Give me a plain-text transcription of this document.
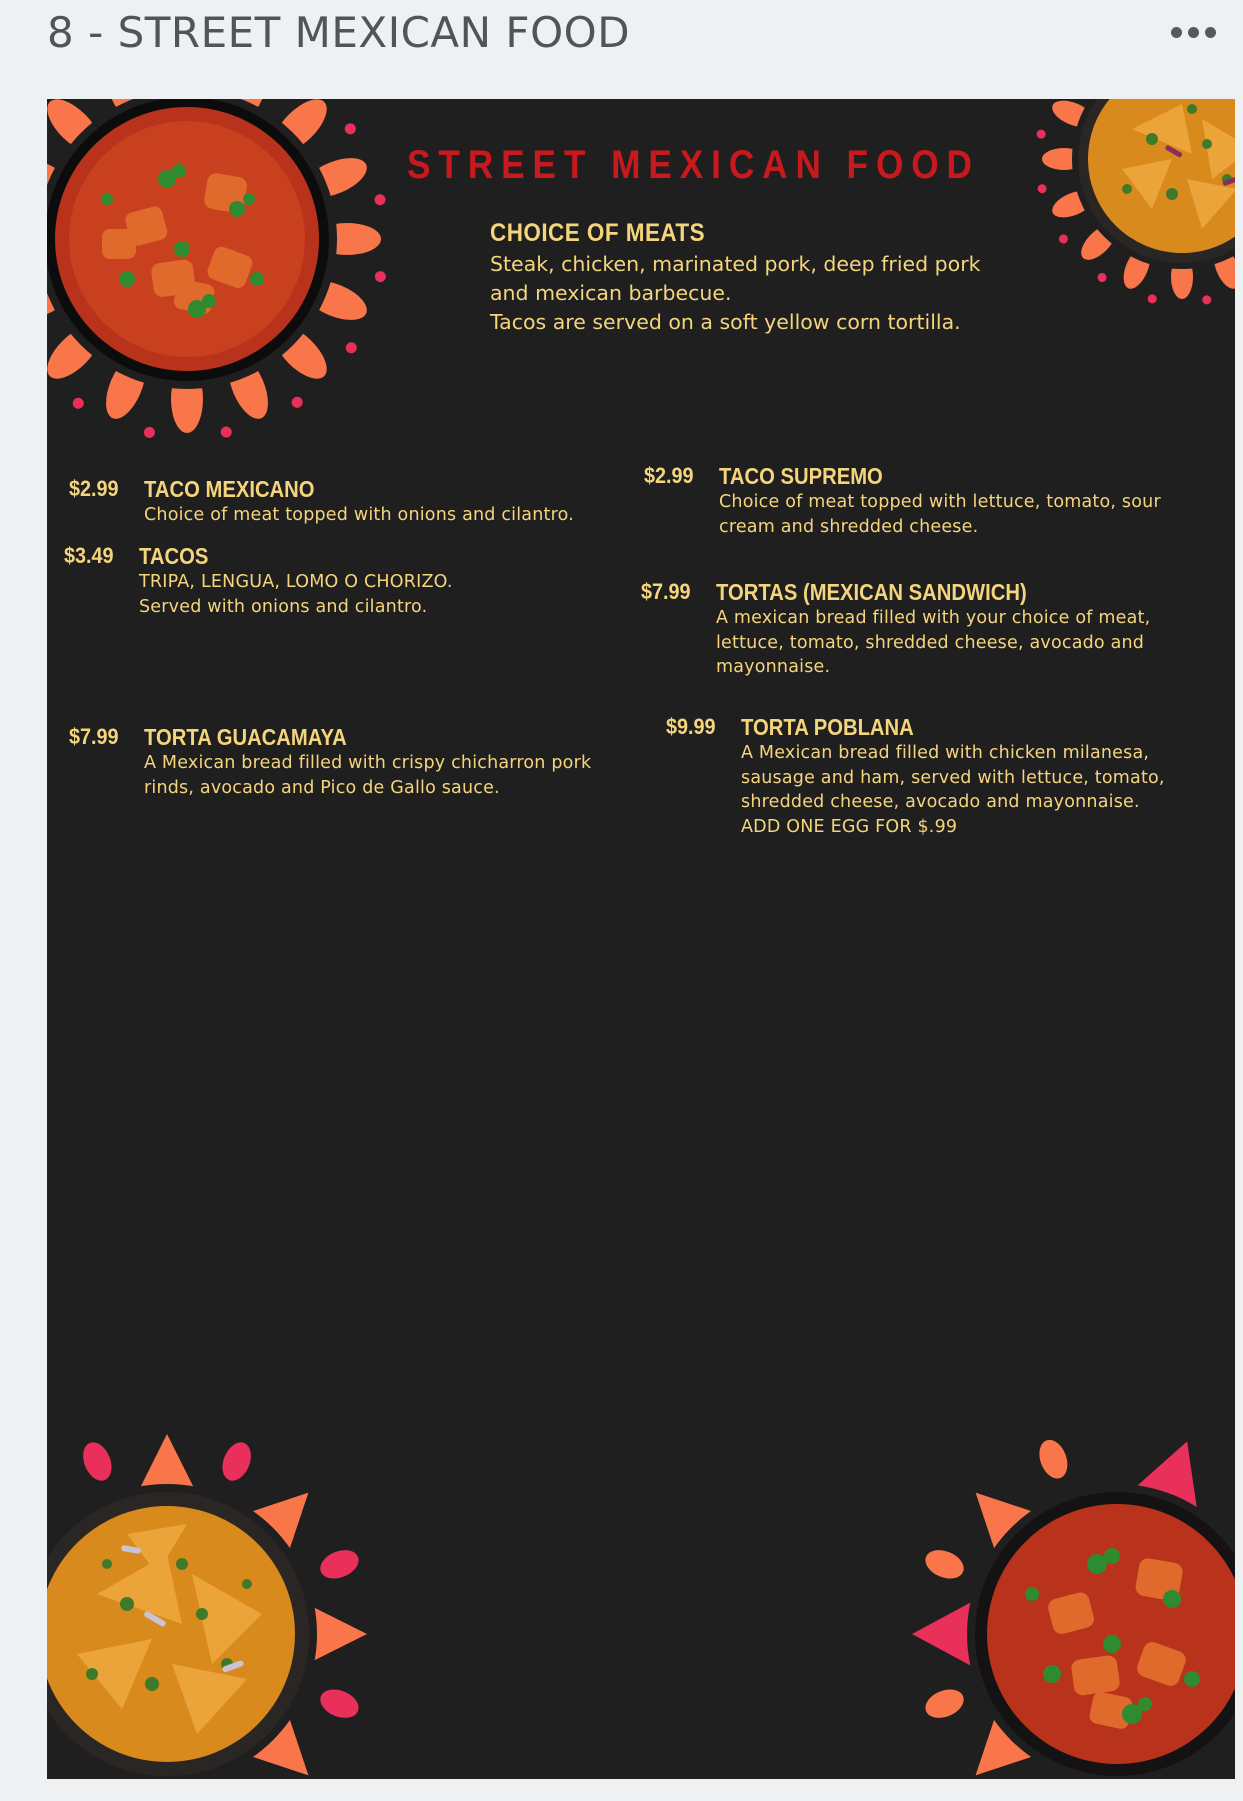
8 - STREET MEXICAN FOOD
STREET MEXICAN FOOD
CHOICE OF MEATS
Steak, chicken, marinated pork, deep fried pork
and mexican barbecue.
Tacos are served on a soft yellow corn tortilla.
$2.99 TACO MEXICANO
Choice of meat topped with onions and cilantro.
$3.49 TACOS
TRIPA, LENGUA, LOMO O CHORIZO.
Served with onions and cilantro.
$7.99 TORTA GUACAMAYA
A Mexican bread filled with crispy chicharron pork
rinds, avocado and Pico de Gallo sauce.
$2.99 TACO SUPREMO
Choice of meat topped with lettuce, tomato, sour
cream and shredded cheese.
$7.99 TORTAS (MEXICAN SANDWICH)
A mexican bread filled with your choice of meat,
lettuce, tomato, shredded cheese, avocado and
mayonnaise.
$9.99 TORTA POBLANA
A Mexican bread filled with chicken milanesa,
sausage and ham, served with lettuce, tomato,
shredded cheese, avocado and mayonnaise.
ADD ONE EGG FOR $.99
